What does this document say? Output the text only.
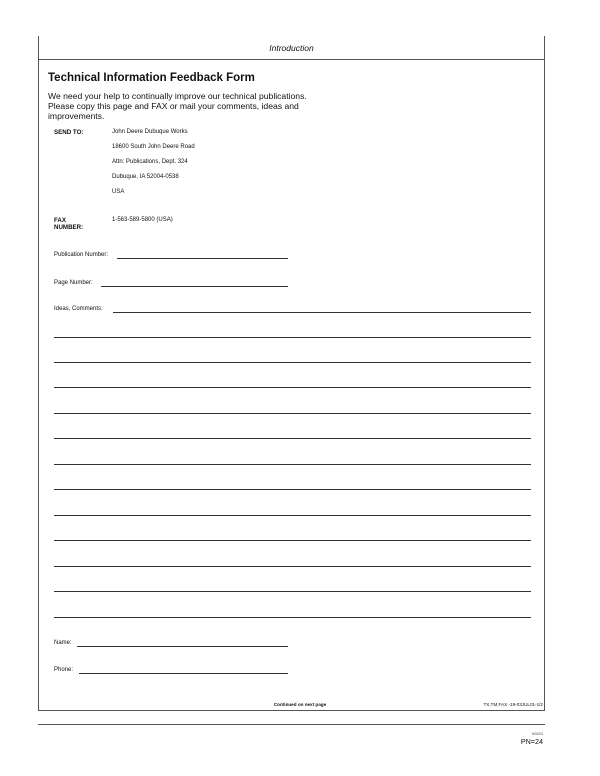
Introduction
Technical Information Feedback Form
We need your help to continually improve our technical publications. Please copy this page and FAX or mail your comments, ideas and improvements.
SEND TO:	John Deere Dubuque Works
18600 South John Deere Road
Attn: Publications, Dept. 324
Dubuque, IA 52004-0538
USA
FAX
NUMBER:
1-563-589-5800 (USA)
Publication Number:
Page Number:
Ideas, Comments:
Name:
Phone:
Continued on next page	TX,TM,FAX -19-03JUL01-1/2
60833
PN=24
